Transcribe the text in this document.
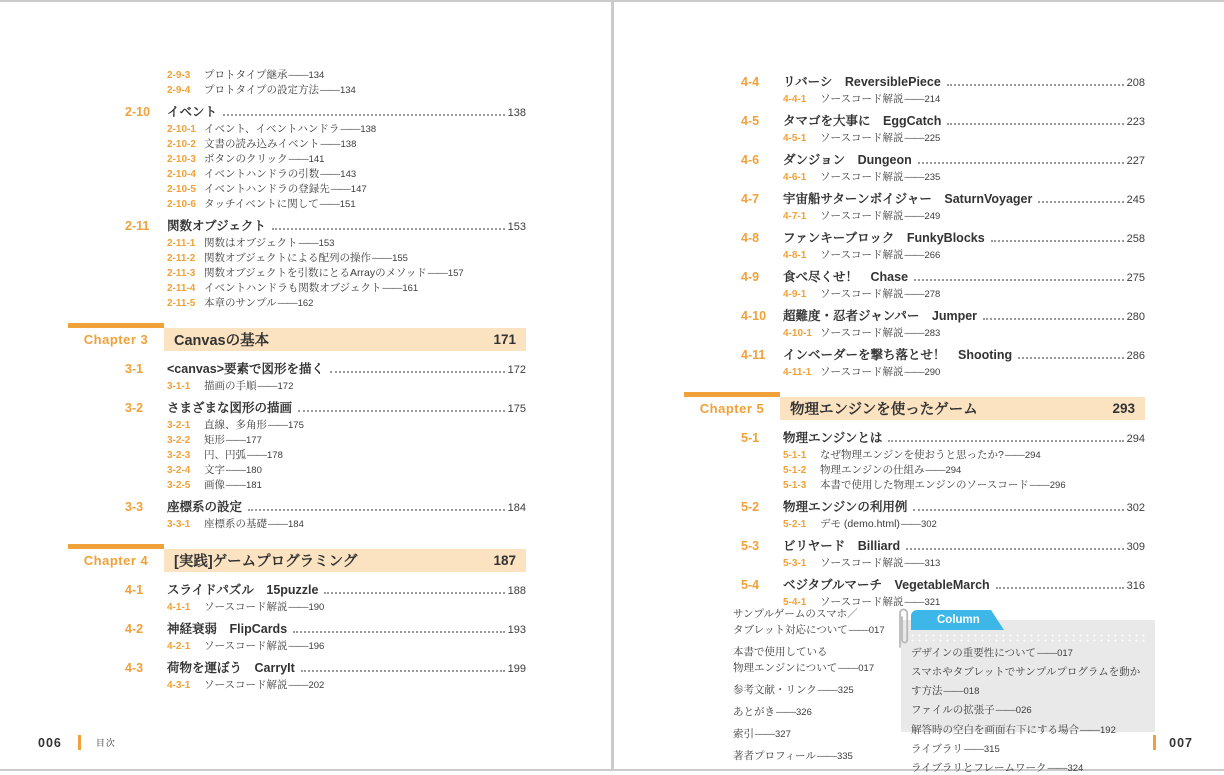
2-9-3	プロトタイプ継承 —— 134
2-9-4	プロトタイプの設定方法 —— 134
2-10	イベント	138
2-10-1 イベント、イベントハンドラ —— 138
2-10-2 文書の読み込みイベント —— 138
2-10-3 ボタンのクリック —— 141
2-10-4 イベントハンドラの引数 —— 143
2-10-5 イベントハンドラの登録先 —— 147
2-10-6 タッチイベントに関して —— 151
2-11	関数オブジェクト	153
2-11-1 関数はオブジェクト —— 153
2-11-2 関数オブジェクトによる配列の操作 —— 155
2-11-3 関数オブジェクトを引数にとるArrayのメソッド —— 157
2-11-4 イベントハンドラも関数オブジェクト —— 161
2-11-5 本章のサンプル —— 162
Chapter 3	Canvasの基本	171
3-1	<canvas>要素で図形を描く	172
3-1-1	描画の手順 —— 172
3-2	さまざまな図形の描画	175
3-2-1	直線、多角形 —— 175
3-2-2	矩形 —— 177
3-2-3	円、円弧 —— 178
3-2-4	文字 —— 180
3-2-5	画像 —— 181
3-3	座標系の設定	184
3-3-1	座標系の基礎 —— 184
Chapter 4	[実践]ゲームプログラミング	187
4-1	スライドパズル　15puzzle	188
4-1-1	ソースコード解説 —— 190
4-2	神経衰弱　FlipCards	193
4-2-1	ソースコード解説 —— 196
4-3	荷物を運ぼう　CarryIt	199
4-3-1	ソースコード解説 —— 202
006	目次
4-4	リバーシ　ReversiblePiece	208
4-4-1	ソースコード解説 —— 214
4-5	タマゴを大事に　EggCatch	223
4-5-1	ソースコード解説 —— 225
4-6	ダンジョン　Dungeon	227
4-6-1	ソースコード解説 —— 235
4-7	宇宙船サターンボイジャー　SaturnVoyager	245
4-7-1	ソースコード解説 —— 249
4-8	ファンキーブロック　FunkyBlocks	258
4-8-1	ソースコード解説 —— 266
4-9	食べ尽くせ！　Chase	275
4-9-1	ソースコード解説 —— 278
4-10	超難度・忍者ジャンパー　Jumper	280
4-10-1 ソースコード解説 —— 283
4-11	インベーダーを撃ち落とせ！　Shooting	286
4-11-1 ソースコード解説 —— 290
Chapter 5	物理エンジンを使ったゲーム	293
5-1	物理エンジンとは	294
5-1-1	なぜ物理エンジンを使おうと思ったか? —— 294
5-1-2	物理エンジンの仕組み —— 294
5-1-3	本書で使用した物理エンジンのソースコード —— 296
5-2	物理エンジンの利用例	302
5-2-1	デモ (demo.html) —— 302
5-3	ビリヤード　Billiard	309
5-3-1	ソースコード解説 —— 313
5-4	ベジタブルマーチ　VegetableMarch	316
5-4-1	ソースコード解説 —— 321
サンプルゲームのスマホ／
タブレット対応について——017
本書で使用している
物理エンジンについて——017
参考文献・リンク——325
あとがき——326
索引——327
著者プロフィール——335
Column
デザインの重要性について——017
スマホやタブレットでサンプルプログラムを動かす方法——018
ファイルの拡張子——026
解答時の空白を画面右下にする場合——192
ライブラリ——315
ライブラリとフレームワーク——324
007
